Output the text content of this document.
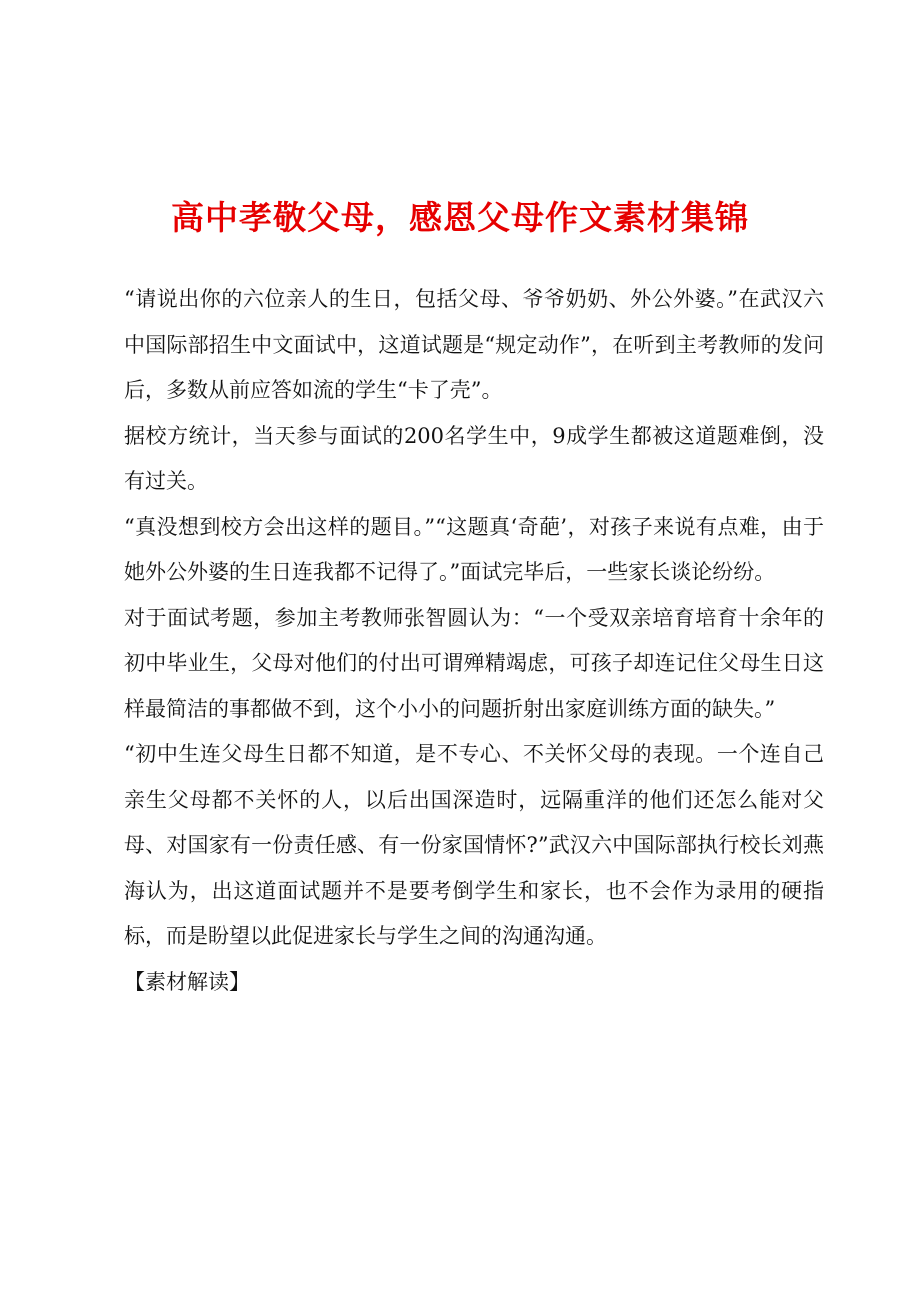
高中孝敬父母，感恩父母作文素材集锦

“请说出你的六位亲人的生日，包括父母、爷爷奶奶、外公外婆。”在武汉六中国际部招生中文面试中，这道试题是“规定动作”，在听到主考教师的发问后，多数从前应答如流的学生“卡了壳”。

据校方统计，当天参与面试的200名学生中，9成学生都被这道题难倒，没有过关。

“真没想到校方会出这样的题目。”“这题真‘奇葩’，对孩子来说有点难，由于她外公外婆的生日连我都不记得了。”面试完毕后，一些家长谈论纷纷。

对于面试考题，参加主考教师张智圆认为：“一个受双亲培育培育十余年的初中毕业生，父母对他们的付出可谓殚精竭虑，可孩子却连记住父母生日这样最简洁的事都做不到，这个小小的问题折射出家庭训练方面的缺失。”

“初中生连父母生日都不知道，是不专心、不关怀父母的表现。一个连自己亲生父母都不关怀的人，以后出国深造时，远隔重洋的他们还怎么能对父母、对国家有一份责任感、有一份家国情怀?”武汉六中国际部执行校长刘燕海认为，出这道面试题并不是要考倒学生和家长，也不会作为录用的硬指标，而是盼望以此促进家长与学生之间的沟通沟通。

【素材解读】
